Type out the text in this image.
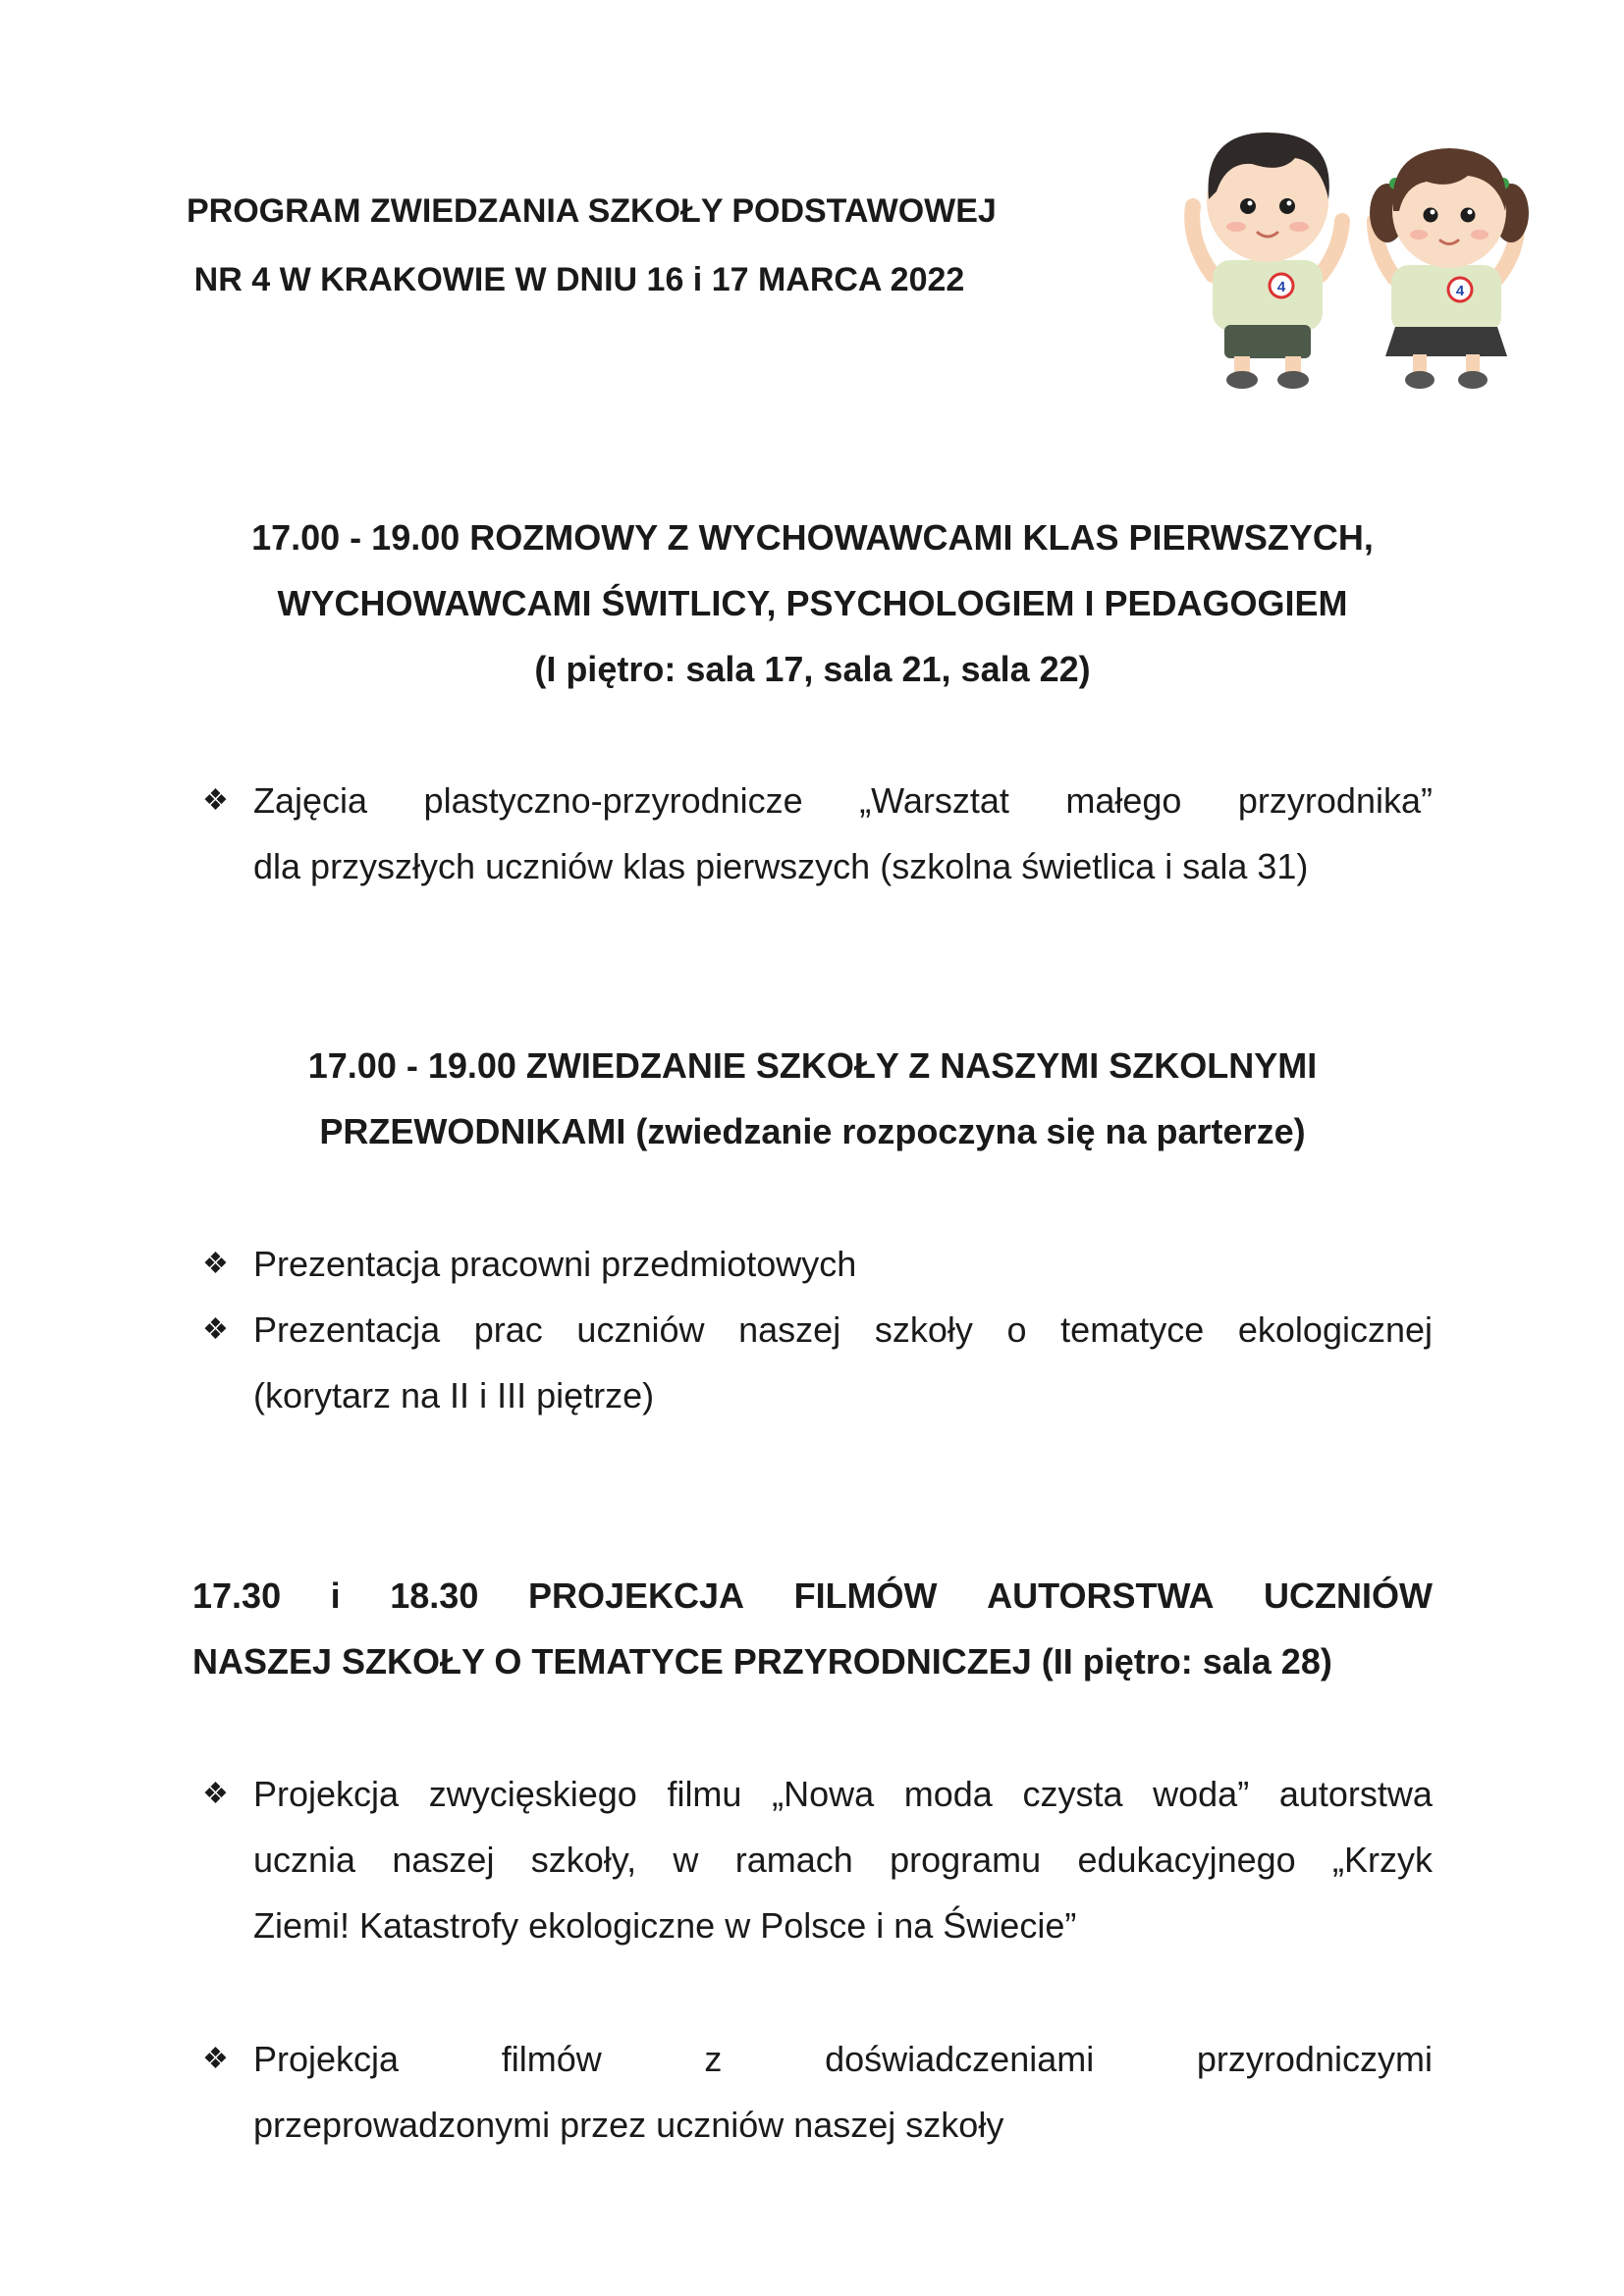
PROGRAM ZWIEDZANIA SZKOŁY PODSTAWOWEJ
NR 4 W KRAKOWIE W DNIU 16 i 17 MARCA 2022	4	4
17.00 - 19.00 ROZMOWY Z WYCHOWAWCAMI KLAS PIERWSZYCH,
WYCHOWAWCAMI ŚWITLICY, PSYCHOLOGIEM I PEDAGOGIEM
(I piętro: sala 17, sala 21, sala 22)
❖ Zajęcia plastyczno-przyrodnicze „Warsztat małego przyrodnika”
dla przyszłych uczniów klas pierwszych (szkolna świetlica i sala 31)
17.00 - 19.00 ZWIEDZANIE SZKOŁY Z NASZYMI SZKOLNYMI
PRZEWODNIKAMI (zwiedzanie rozpoczyna się na parterze)
❖ Prezentacja pracowni przedmiotowych
❖ Prezentacja prac uczniów naszej szkoły o tematyce ekologicznej
(korytarz na II i III piętrze)
17.30 i 18.30 PROJEKCJA FILMÓW AUTORSTWA UCZNIÓW
NASZEJ SZKOŁY O TEMATYCE PRZYRODNICZEJ (II piętro: sala 28)
❖ Projekcja zwycięskiego filmu „Nowa moda czysta woda” autorstwa
ucznia naszej szkoły, w ramach programu edukacyjnego „Krzyk
Ziemi! Katastrofy ekologiczne w Polsce i na Świecie”
❖ Projekcja	filmów	z	doświadczeniami	przyrodniczymi
przeprowadzonymi przez uczniów naszej szkoły
